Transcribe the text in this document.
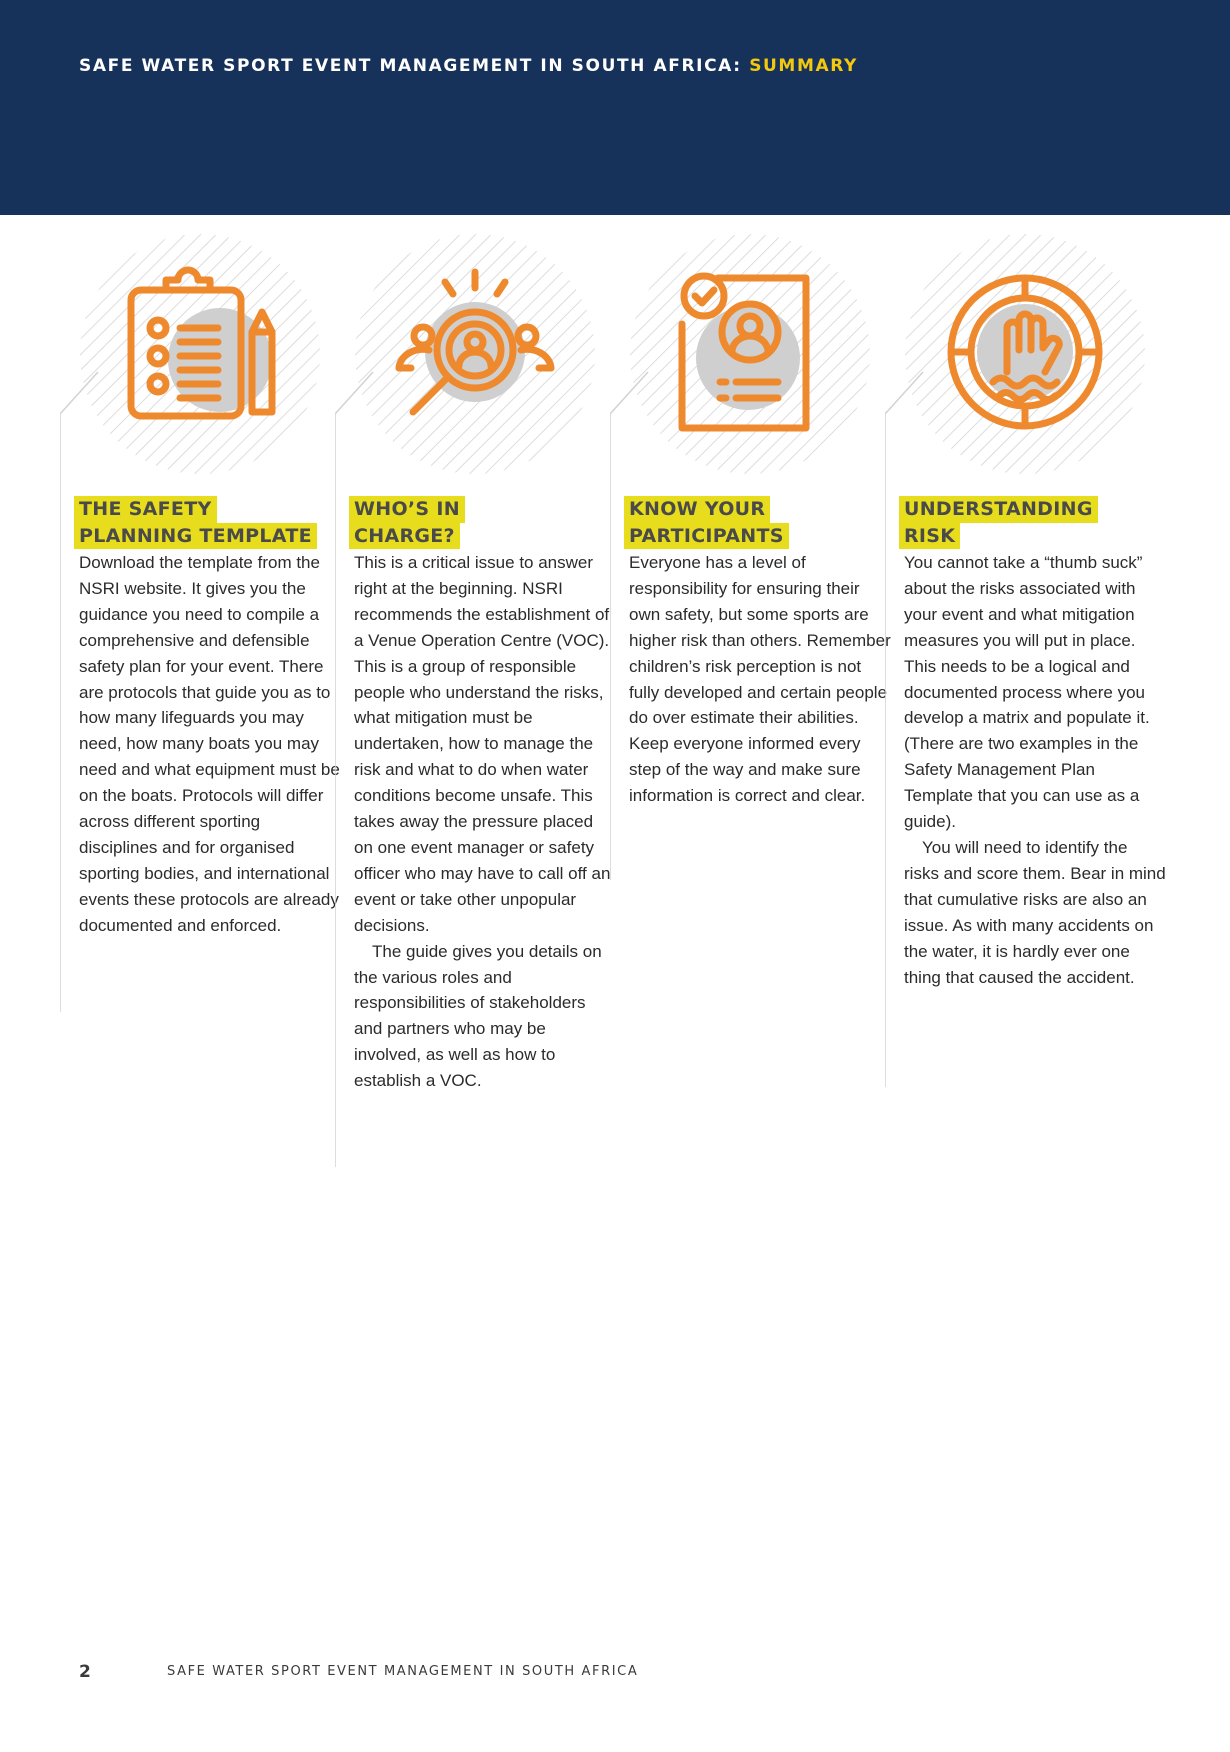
SAFE WATER SPORT EVENT MANAGEMENT IN SOUTH AFRICA: SUMMARY
THE SAFETY
PLANNING TEMPLATE

Download the template from the NSRI website. It gives you the guidance you need to compile a comprehensive and defensible safety plan for your event. There are protocols that guide you as to how many lifeguards you may need, how many boats you may need and what equipment must be on the boats. Protocols will differ across different sporting disciplines and for organised sporting bodies, and international events these protocols are already documented and enforced.

WHO’S IN
CHARGE?

This is a critical issue to answer right at the beginning. NSRI recommends the establishment of a Venue Operation Centre (VOC). This is a group of responsible people who understand the risks, what mitigation must be undertaken, how to manage the risk and what to do when water conditions become unsafe. This takes away the pressure placed on one event manager or safety officer who may have to call off an event or take other unpopular decisions.

The guide gives you details on the various roles and responsibilities of stakeholders and partners who may be involved, as well as how to establish a VOC.

KNOW YOUR
PARTICIPANTS

Everyone has a level of responsibility for ensuring their own safety, but some sports are higher risk than others. Remember children’s risk perception is not fully developed and certain people do over estimate their abilities. Keep everyone informed every step of the way and make sure information is correct and clear.

UNDERSTANDING
RISK

You cannot take a “thumb suck” about the risks associated with your event and what mitigation measures you will put in place. This needs to be a logical and documented process where you develop a matrix and populate it. (There are two examples in the Safety Management Plan Template that you can use as a guide).

You will need to identify the risks and score them. Bear in mind that cumulative risks are also an issue. As with many accidents on the water, it is hardly ever one thing that caused the accident.

2	SAFE WATER SPORT EVENT MANAGEMENT IN SOUTH AFRICA
